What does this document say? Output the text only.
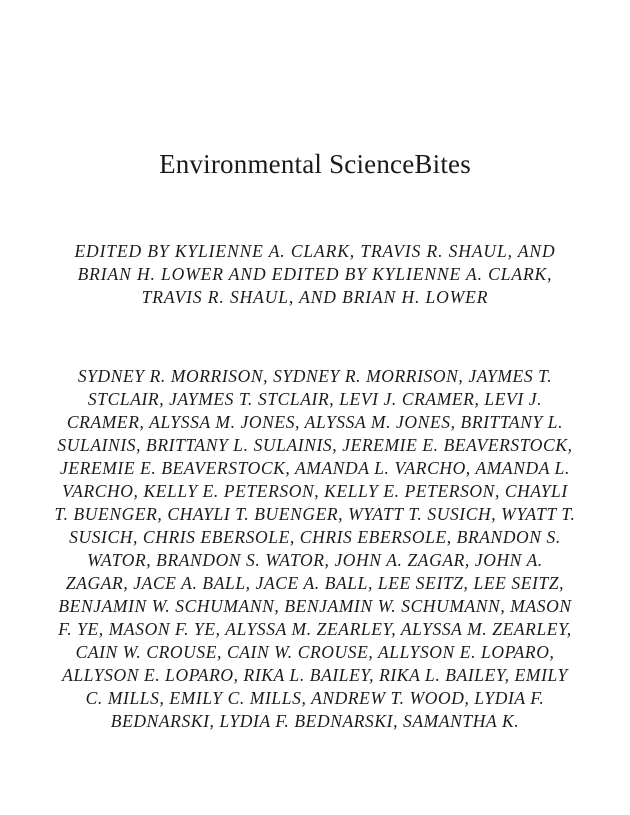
Environmental ScienceBites

EDITED BY KYLIENNE A. CLARK, TRAVIS R. SHAUL, AND BRIAN H. LOWER AND EDITED BY KYLIENNE A. CLARK, TRAVIS R. SHAUL, AND BRIAN H. LOWER

SYDNEY R. MORRISON, SYDNEY R. MORRISON, JAYMES T. STCLAIR, JAYMES T. STCLAIR, LEVI J. CRAMER, LEVI J. CRAMER, ALYSSA M. JONES, ALYSSA M. JONES, BRITTANY L. SULAINIS, BRITTANY L. SULAINIS, JEREMIE E. BEAVERSTOCK, JEREMIE E. BEAVERSTOCK, AMANDA L. VARCHO, AMANDA L. VARCHO, KELLY E. PETERSON, KELLY E. PETERSON, CHAYLI T. BUENGER, CHAYLI T. BUENGER, WYATT T. SUSICH, WYATT T. SUSICH, CHRIS EBERSOLE, CHRIS EBERSOLE, BRANDON S. WATOR, BRANDON S. WATOR, JOHN A. ZAGAR, JOHN A. ZAGAR, JACE A. BALL, JACE A. BALL, LEE SEITZ, LEE SEITZ, BENJAMIN W. SCHUMANN, BENJAMIN W. SCHUMANN, MASON F. YE, MASON F. YE, ALYSSA M. ZEARLEY, ALYSSA M. ZEARLEY, CAIN W. CROUSE, CAIN W. CROUSE, ALLYSON E. LOPARO, ALLYSON E. LOPARO, RIKA L. BAILEY, RIKA L. BAILEY, EMILY C. MILLS, EMILY C. MILLS, ANDREW T. WOOD, LYDIA F. BEDNARSKI, LYDIA F. BEDNARSKI, SAMANTHA K.
